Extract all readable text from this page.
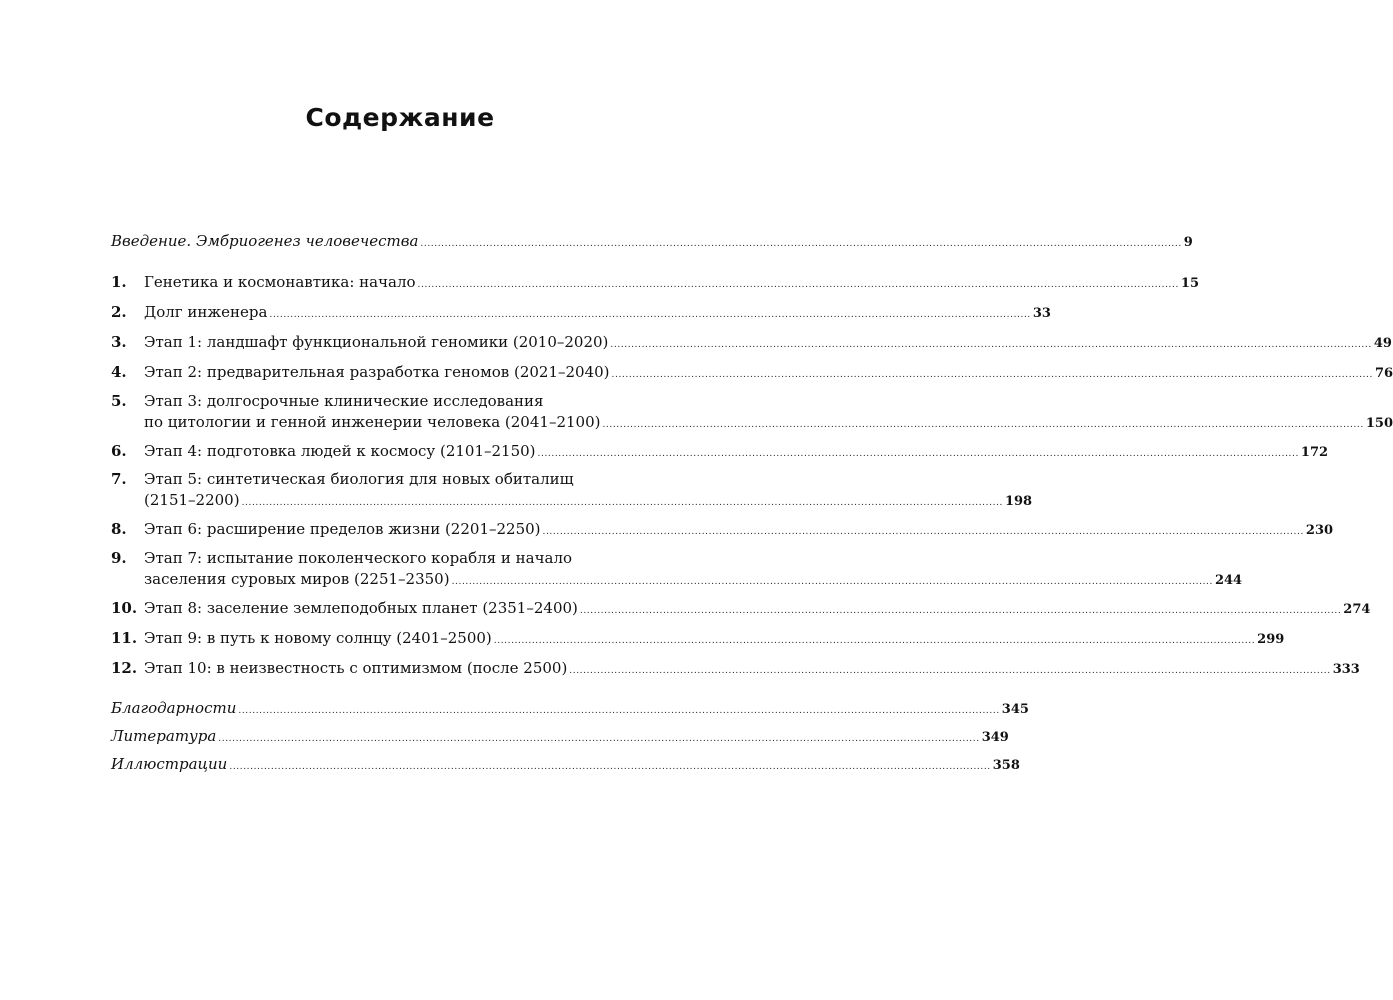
Содержание
Введение. Эмбриогенез человечества ............................................................................................................................................................................................................................ 9
1.	Генетика и космонавтика: начало ............................................................................................................................................................................................................................ 15
2.	Долг инженера ............................................................................................................................................................................................................................ 33
3.	Этап 1: ландшафт функциональной геномики (2010–2020) ............................................................................................................................................................................................................................ 49
4.	Этап 2: предварительная разработка геномов (2021–2040) ............................................................................................................................................................................................................................ 76
5.	Этап 3: долгосрочные клинические исследования
по цитологии и генной инженерии человека (2041–2100) ............................................................................................................................................................................................................................ 150
6.	Этап 4: подготовка людей к космосу (2101–2150) ............................................................................................................................................................................................................................ 172
7.	Этап 5: синтетическая биология для новых обиталищ
(2151–2200) ............................................................................................................................................................................................................................ 198
8.	Этап 6: расширение пределов жизни (2201–2250) ............................................................................................................................................................................................................................ 230
9.	Этап 7: испытание поколенческого корабля и начало
заселения суровых миров (2251–2350) ............................................................................................................................................................................................................................ 244
10. Этап 8: заселение землеподобных планет (2351–2400) ............................................................................................................................................................................................................................ 274
11. Этап 9: в путь к новому солнцу (2401–2500) ............................................................................................................................................................................................................................ 299
12. Этап 10: в неизвестность с оптимизмом (после 2500) ............................................................................................................................................................................................................................ 333
Благодарности ............................................................................................................................................................................................................................ 345
Литература ............................................................................................................................................................................................................................ 349
Иллюстрации ............................................................................................................................................................................................................................ 358
